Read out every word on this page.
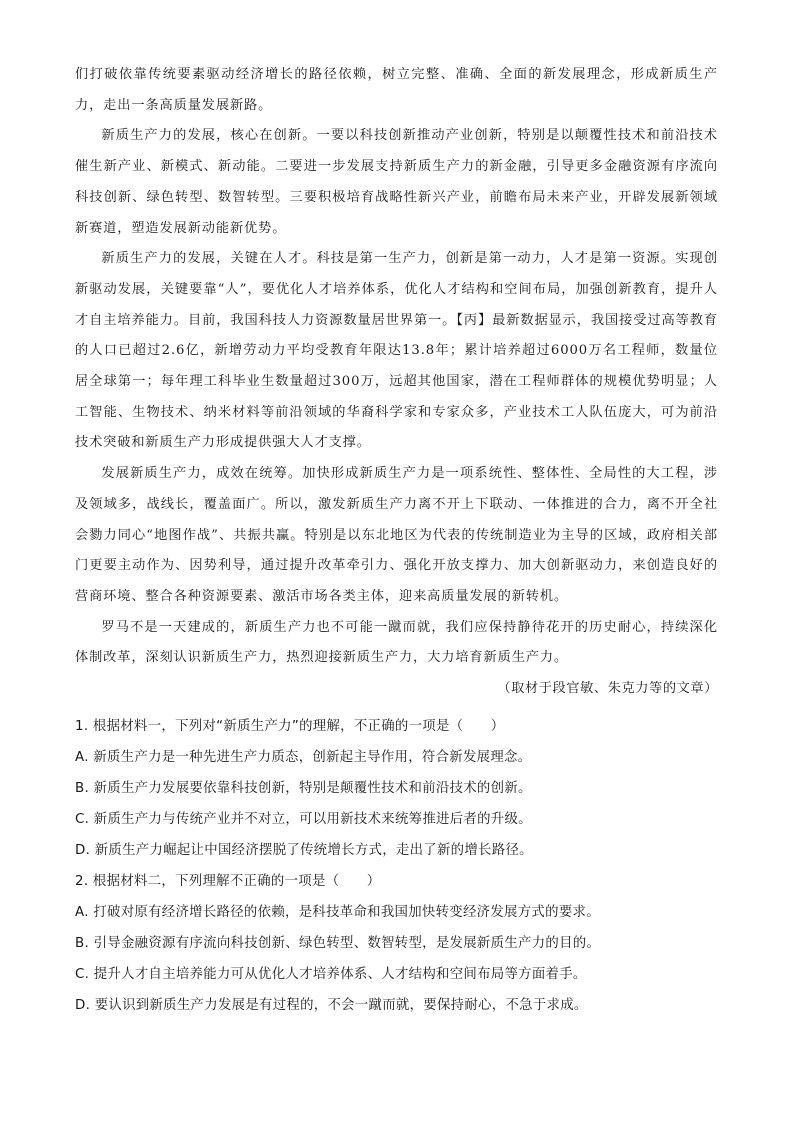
们打破依靠传统要素驱动经济增长的路径依赖，树立完整、准确、全面的新发展理念，形成新质生产力，走出一条高质量发展新路。

新质生产力的发展，核心在创新。一要以科技创新推动产业创新，特别是以颠覆性技术和前沿技术催生新产业、新模式、新动能。二要进一步发展支持新质生产力的新金融，引导更多金融资源有序流向科技创新、绿色转型、数智转型。三要积极培育战略性新兴产业，前瞻布局未来产业，开辟发展新领域新赛道，塑造发展新动能新优势。

新质生产力的发展，关键在人才。科技是第一生产力，创新是第一动力，人才是第一资源。实现创新驱动发展，关键要靠“人”，要优化人才培养体系，优化人才结构和空间布局，加强创新教育，提升人才自主培养能力。目前，我国科技人力资源数量居世界第一。【丙】最新数据显示，我国接受过高等教育的人口已超过2.6亿，新增劳动力平均受教育年限达13.8年；累计培养超过6000万名工程师，数量位居全球第一；每年理工科毕业生数量超过300万，远超其他国家，潜在工程师群体的规模优势明显；人工智能、生物技术、纳米材料等前沿领域的华裔科学家和专家众多，产业技术工人队伍庞大，可为前沿技术突破和新质生产力形成提供强大人才支撑。

发展新质生产力，成效在统筹。加快形成新质生产力是一项系统性、整体性、全局性的大工程，涉及领域多，战线长，覆盖面广。所以，激发新质生产力离不开上下联动、一体推进的合力，离不开全社会勠力同心“地图作战”、共振共赢。特别是以东北地区为代表的传统制造业为主导的区域，政府相关部门更要主动作为、因势利导，通过提升改革牵引力、强化开放支撑力、加大创新驱动力，来创造良好的营商环境、整合各种资源要素、激活市场各类主体，迎来高质量发展的新转机。

罗马不是一天建成的，新质生产力也不可能一蹴而就，我们应保持静待花开的历史耐心，持续深化体制改革，深刻认识新质生产力，热烈迎接新质生产力，大力培育新质生产力。

（取材于段官敏、朱克力等的文章）

1. 根据材料一，下列对“新质生产力”的理解，不正确的一项是（　　）
A. 新质生产力是一种先进生产力质态，创新起主导作用，符合新发展理念。
B. 新质生产力发展要依靠科技创新，特别是颠覆性技术和前沿技术的创新。
C. 新质生产力与传统产业并不对立，可以用新技术来统筹推进后者的升级。
D. 新质生产力崛起让中国经济摆脱了传统增长方式，走出了新的增长路径。
2. 根据材料二，下列理解不正确的一项是（　　）
A. 打破对原有经济增长路径的依赖，是科技革命和我国加快转变经济发展方式的要求。
B. 引导金融资源有序流向科技创新、绿色转型、数智转型，是发展新质生产力的目的。
C. 提升人才自主培养能力可从优化人才培养体系、人才结构和空间布局等方面着手。
D. 要认识到新质生产力发展是有过程的，不会一蹴而就，要保持耐心，不急于求成。
